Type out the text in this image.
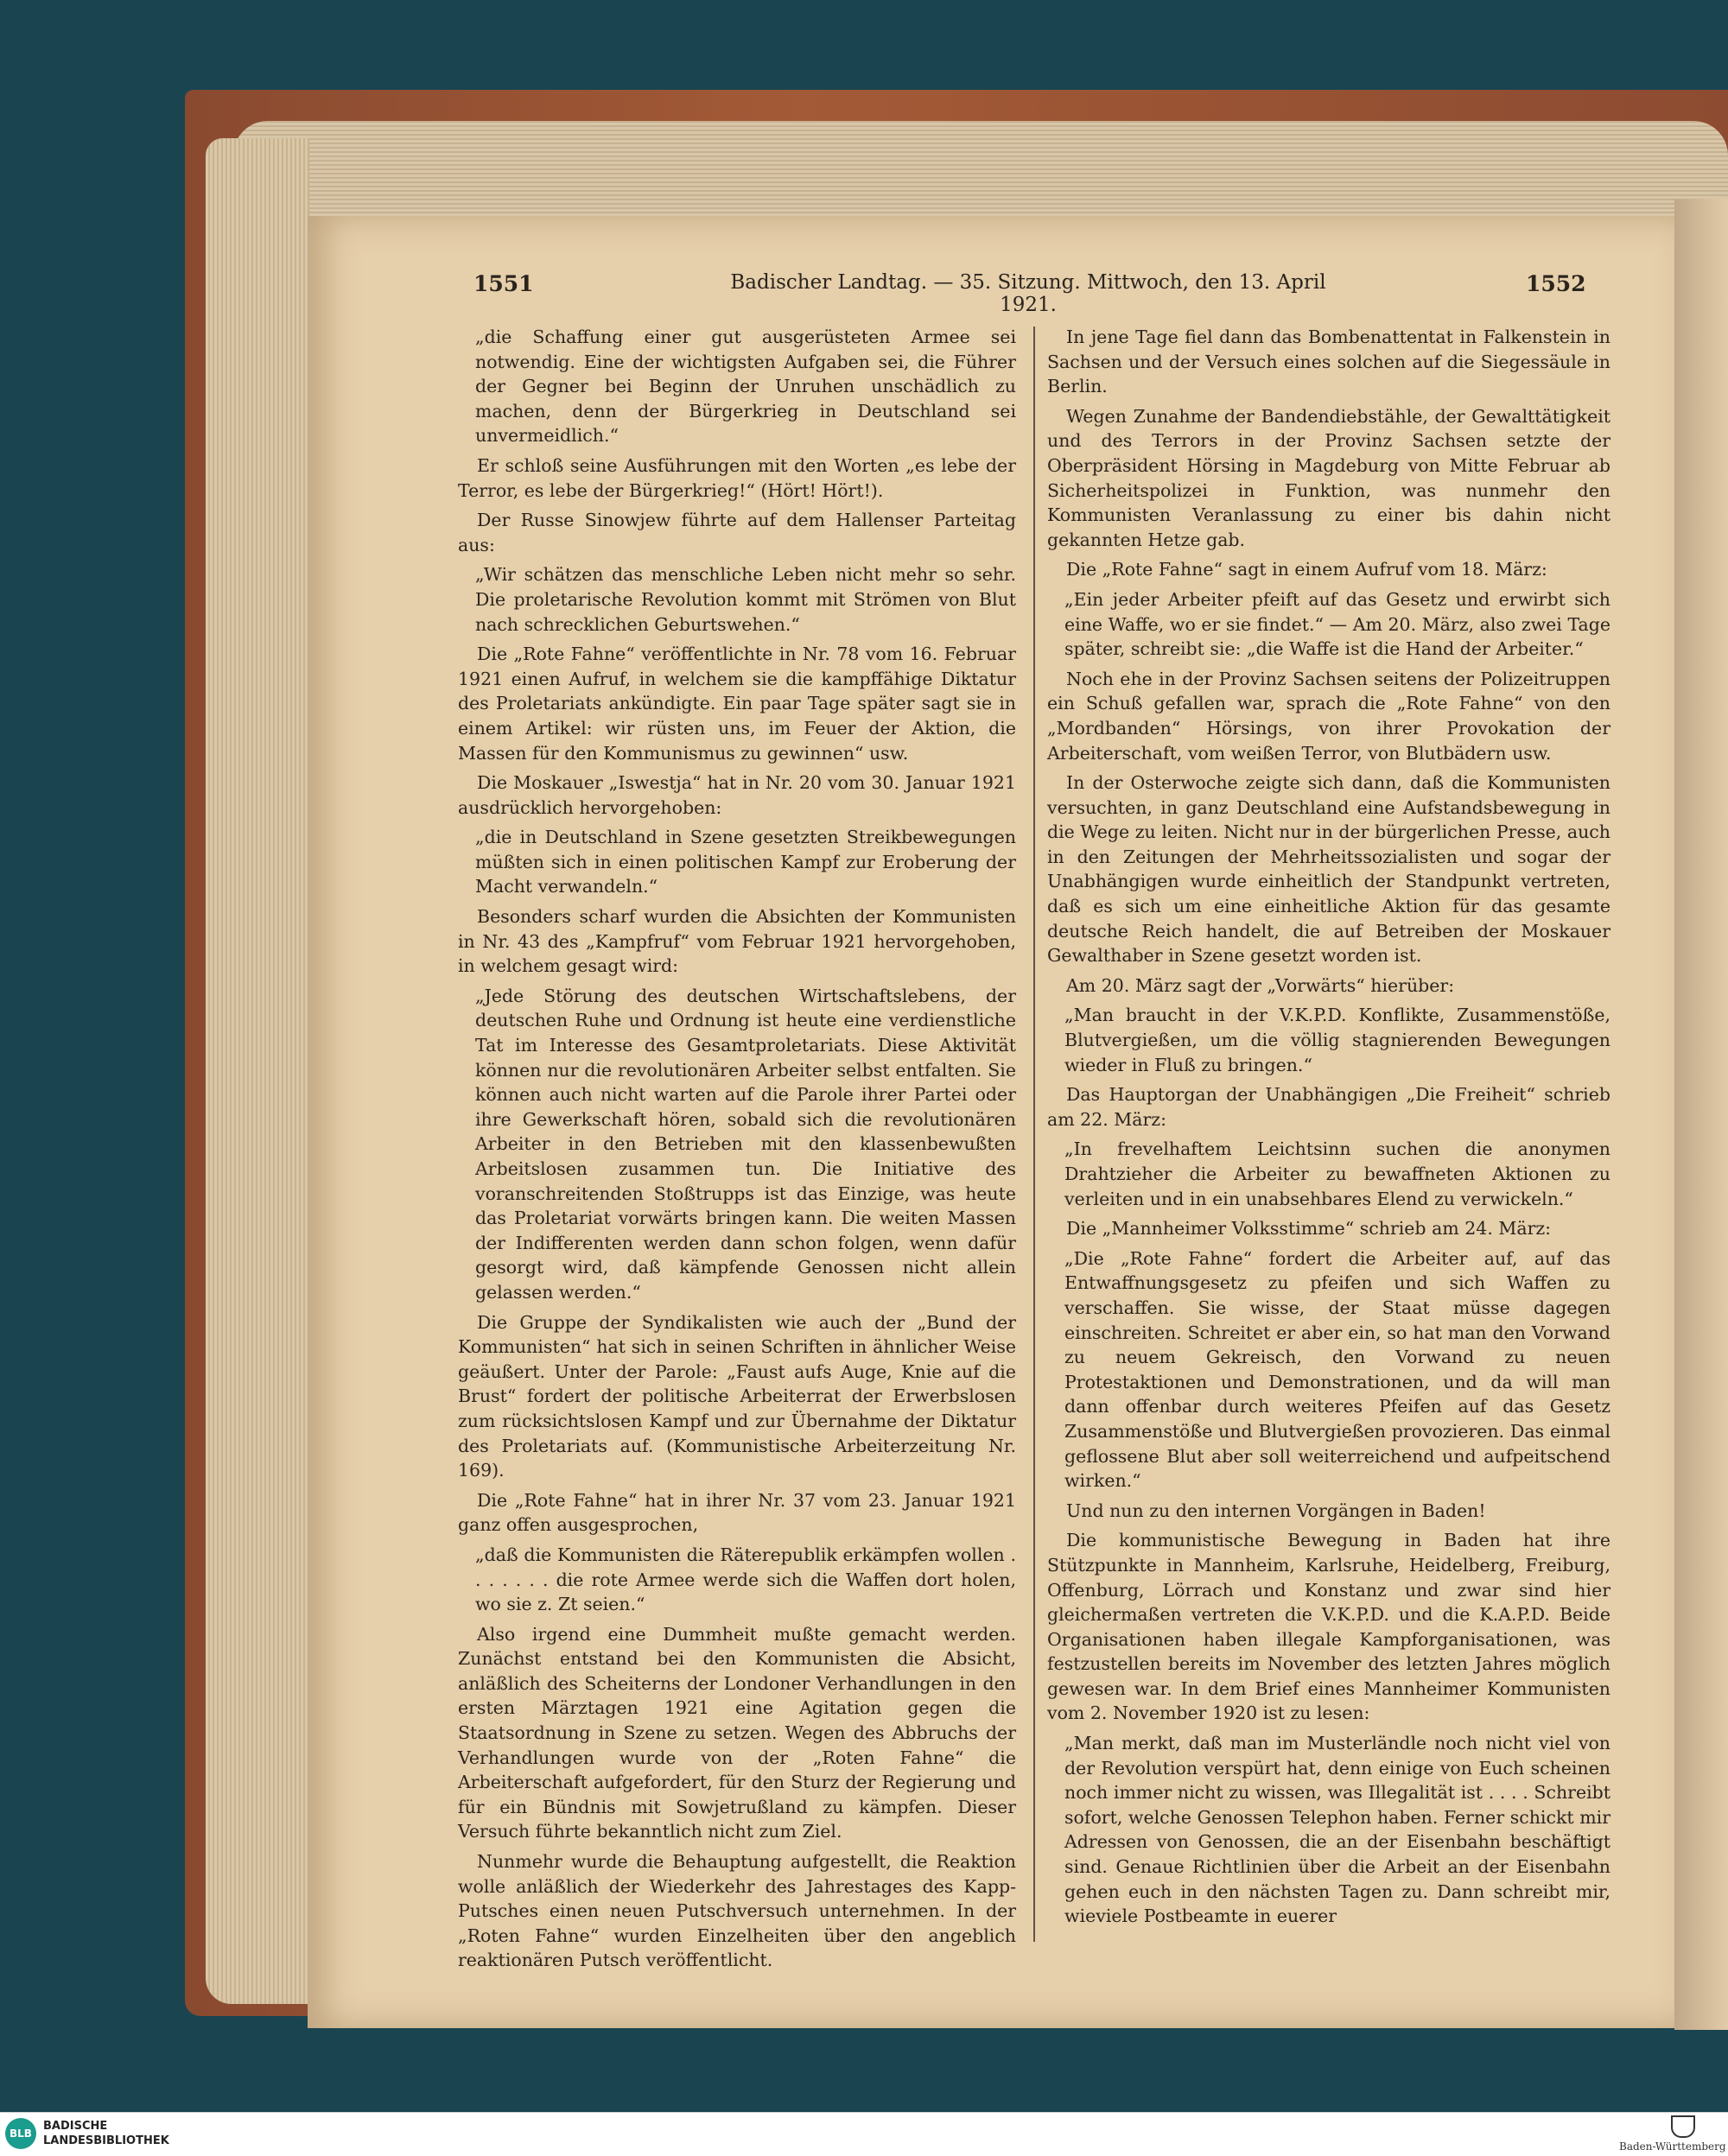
1551	Badischer Landtag. — 35. Sitzung. Mittwoch, den 13. April 1921.
1552

„die Schaffung einer gut ausgerüsteten Armee sei notwendig. Eine der wichtigsten Aufgaben sei, die Führer der Gegner bei Beginn der Unruhen unschädlich zu machen, denn der Bürgerkrieg in Deutschland sei unvermeidlich.“

Er schloß seine Ausführungen mit den Worten „es lebe der Terror, es lebe der Bürgerkrieg!“ (Hört! Hört!).

Der Russe Sinowjew führte auf dem Hallenser Parteitag aus:

„Wir schätzen das menschliche Leben nicht mehr so sehr. Die proletarische Revolution kommt mit Strömen von Blut nach schrecklichen Geburtswehen.“

Die „Rote Fahne“ veröffentlichte in Nr. 78 vom 16. Februar 1921 einen Aufruf, in welchem sie die kampffähige Diktatur des Proletariats ankündigte. Ein paar Tage später sagt sie in einem Artikel: wir rüsten uns, im Feuer der Aktion, die Massen für den Kommunismus zu gewinnen“ usw.

Die Moskauer „Iswestja“ hat in Nr. 20 vom 30. Januar 1921 ausdrücklich hervorgehoben:

„die in Deutschland in Szene gesetzten Streikbewegungen müßten sich in einen politischen Kampf zur Eroberung der Macht verwandeln.“

Besonders scharf wurden die Absichten der Kommunisten in Nr. 43 des „Kampfruf“ vom Februar 1921 hervorgehoben, in welchem gesagt wird:

„Jede Störung des deutschen Wirtschaftslebens, der deutschen Ruhe und Ordnung ist heute eine verdienstliche Tat im Interesse des Gesamtproletariats. Diese Aktivität können nur die revolutionären Arbeiter selbst entfalten. Sie können auch nicht warten auf die Parole ihrer Partei oder ihre Gewerkschaft hören, sobald sich die revolutionären Arbeiter in den Betrieben mit den klassenbewußten Arbeitslosen zusammen tun. Die Initiative des voranschreitenden Stoßtrupps ist das Einzige, was heute das Proletariat vorwärts bringen kann. Die weiten Massen der Indifferenten werden dann schon folgen, wenn dafür gesorgt wird, daß kämpfende Genossen nicht allein gelassen werden.“

Die Gruppe der Syndikalisten wie auch der „Bund der Kommunisten“ hat sich in seinen Schriften in ähnlicher Weise geäußert. Unter der Parole: „Faust aufs Auge, Knie auf die Brust“ fordert der politische Arbeiterrat der Erwerbslosen zum rücksichtslosen Kampf und zur Übernahme der Diktatur des Proletariats auf. (Kommunistische Arbeiterzeitung Nr. 169).

Die „Rote Fahne“ hat in ihrer Nr. 37 vom 23. Januar 1921 ganz offen ausgesprochen,

„daß die Kommunisten die Räterepublik erkämpfen wollen . . . . . . . die rote Armee werde sich die Waffen dort holen, wo sie z. Zt seien.“

Also irgend eine Dummheit mußte gemacht werden. Zunächst entstand bei den Kommunisten die Absicht, anläßlich des Scheiterns der Londoner Verhandlungen in den ersten Märztagen 1921 eine Agitation gegen die Staatsordnung in Szene zu setzen. Wegen des Abbruchs der Verhandlungen wurde von der „Roten Fahne“ die Arbeiterschaft aufgefordert, für den Sturz der Regierung und für ein Bündnis mit Sowjetrußland zu kämpfen. Dieser Versuch führte bekanntlich nicht zum Ziel.

Nunmehr wurde die Behauptung aufgestellt, die Reaktion wolle anläßlich der Wiederkehr des Jahrestages des Kapp-Putsches einen neuen Putschversuch unternehmen. In der „Roten Fahne“ wurden Einzelheiten über den angeblich reaktionären Putsch veröffentlicht.

In jene Tage fiel dann das Bombenattentat in Falkenstein in Sachsen und der Versuch eines solchen auf die Siegessäule in Berlin.

Wegen Zunahme der Bandendiebstähle, der Gewalttätigkeit und des Terrors in der Provinz Sachsen setzte der Oberpräsident Hörsing in Magdeburg von Mitte Februar ab Sicherheitspolizei in Funktion, was nunmehr den Kommunisten Veranlassung zu einer bis dahin nicht gekannten Hetze gab.

Die „Rote Fahne“ sagt in einem Aufruf vom 18. März:

„Ein jeder Arbeiter pfeift auf das Gesetz und erwirbt sich eine Waffe, wo er sie findet.“ — Am 20. März, also zwei Tage später, schreibt sie: „die Waffe ist die Hand der Arbeiter.“

Noch ehe in der Provinz Sachsen seitens der Polizeitruppen ein Schuß gefallen war, sprach die „Rote Fahne“ von den „Mordbanden“ Hörsings, von ihrer Provokation der Arbeiterschaft, vom weißen Terror, von Blutbädern usw.

In der Osterwoche zeigte sich dann, daß die Kommunisten versuchten, in ganz Deutschland eine Aufstandsbewegung in die Wege zu leiten. Nicht nur in der bürgerlichen Presse, auch in den Zeitungen der Mehrheitssozialisten und sogar der Unabhängigen wurde einheitlich der Standpunkt vertreten, daß es sich um eine einheitliche Aktion für das gesamte deutsche Reich handelt, die auf Betreiben der Moskauer Gewalthaber in Szene gesetzt worden ist.

Am 20. März sagt der „Vorwärts“ hierüber:

„Man braucht in der V.K.P.D. Konflikte, Zusammenstöße, Blutvergießen, um die völlig stagnierenden Bewegungen wieder in Fluß zu bringen.“

Das Hauptorgan der Unabhängigen „Die Freiheit“ schrieb am 22. März:

„In frevelhaftem Leichtsinn suchen die anonymen Drahtzieher die Arbeiter zu bewaffneten Aktionen zu verleiten und in ein unabsehbares Elend zu verwickeln.“

Die „Mannheimer Volksstimme“ schrieb am 24. März:

„Die „Rote Fahne“ fordert die Arbeiter auf, auf das Entwaffnungsgesetz zu pfeifen und sich Waffen zu verschaffen. Sie wisse, der Staat müsse dagegen einschreiten. Schreitet er aber ein, so hat man den Vorwand zu neuem Gekreisch, den Vorwand zu neuen Protestaktionen und Demonstrationen, und da will man dann offenbar durch weiteres Pfeifen auf das Gesetz Zusammenstöße und Blutvergießen provozieren. Das einmal geflossene Blut aber soll weiterreichend und aufpeitschend wirken.“

Und nun zu den internen Vorgängen in Baden!

Die kommunistische Bewegung in Baden hat ihre Stützpunkte in Mannheim, Karlsruhe, Heidelberg, Freiburg, Offenburg, Lörrach und Konstanz und zwar sind hier gleichermaßen vertreten die V.K.P.D. und die K.A.P.D. Beide Organisationen haben illegale Kampforganisationen, was festzustellen bereits im November des letzten Jahres möglich gewesen war. In dem Brief eines Mannheimer Kommunisten vom 2. November 1920 ist zu lesen:

„Man merkt, daß man im Musterländle noch nicht viel von der Revolution verspürt hat, denn einige von Euch scheinen noch immer nicht zu wissen, was Illegalität ist . . . . Schreibt sofort, welche Genossen Telephon haben. Ferner schickt mir Adressen von Genossen, die an der Eisenbahn beschäftigt sind. Genaue Richtlinien über die Arbeit an der Eisenbahn gehen euch in den nächsten Tagen zu. Dann schreibt mir, wieviele Postbeamte in euerer

BLB
BADISCHE
LANDESBIBLIOTHEK	Baden-Württemberg
